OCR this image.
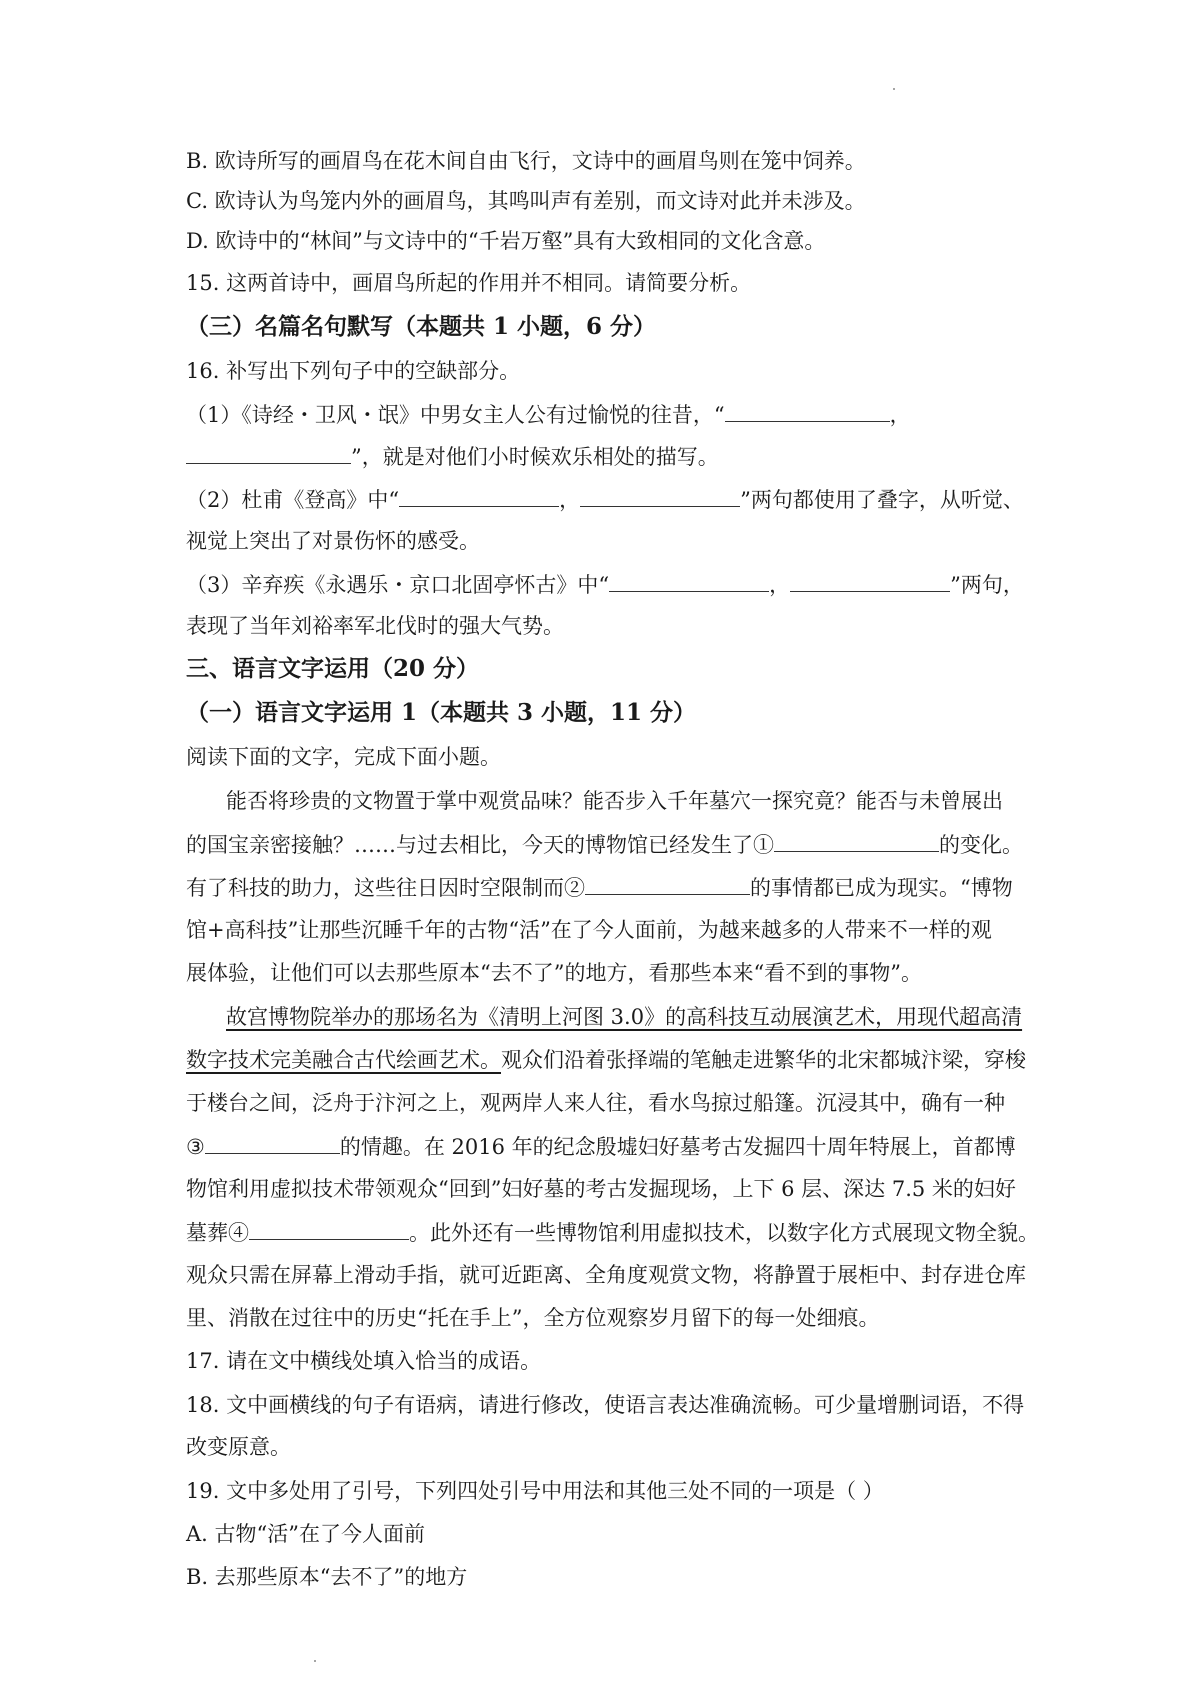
B. 欧诗所写的画眉鸟在花木间自由飞行，文诗中的画眉鸟则在笼中饲养。
C. 欧诗认为鸟笼内外的画眉鸟，其鸣叫声有差别，而文诗对此并未涉及。
D. 欧诗中的“林间”与文诗中的“千岩万壑”具有大致相同的文化含意。
15. 这两首诗中，画眉鸟所起的作用并不相同。请简要分析。
（三）名篇名句默写（本题共 1 小题，6 分）
16. 补写出下列句子中的空缺部分。
（1）《诗经・卫风・氓》中男女主人公有过愉悦的往昔，“	，
”，就是对他们小时候欢乐相处的描写。
（2）杜甫《登高》中“	，	”两句都使用了叠字，从听觉、
视觉上突出了对景伤怀的感受。
（3）辛弃疾《永遇乐・京口北固亭怀古》中“	，	”两句，
表现了当年刘裕率军北伐时的强大气势。
三、语言文字运用（20 分）
（一）语言文字运用 1（本题共 3 小题，11 分）
阅读下面的文字，完成下面小题。
能否将珍贵的文物置于掌中观赏品味？能否步入千年墓穴一探究竟？能否与未曾展出
的国宝亲密接触？……与过去相比，今天的博物馆已经发生了①	的变化。
有了科技的助力，这些往日因时空限制而②	的事情都已成为现实。“博物
馆+高科技”让那些沉睡千年的古物“活”在了今人面前，为越来越多的人带来不一样的观
展体验，让他们可以去那些原本“去不了”的地方，看那些本来“看不到的事物”。
故宫博物院举办的那场名为《清明上河图 3.0》的高科技互动展演艺术，用现代超高清
数字技术完美融合古代绘画艺术。观众们沿着张择端的笔触走进繁华的北宋都城汴梁，穿梭
于楼台之间，泛舟于汴河之上，观两岸人来人往，看水鸟掠过船篷。沉浸其中，确有一种
③	的情趣。在 2016 年的纪念殷墟妇好墓考古发掘四十周年特展上，首都博
物馆利用虚拟技术带领观众“回到”妇好墓的考古发掘现场，上下 6 层、深达 7.5 米的妇好
墓葬④	。此外还有一些博物馆利用虚拟技术，以数字化方式展现文物全貌。
观众只需在屏幕上滑动手指，就可近距离、全角度观赏文物，将静置于展柜中、封存进仓库
里、消散在过往中的历史“托在手上”，全方位观察岁月留下的每一处细痕。
17. 请在文中横线处填入恰当的成语。
18. 文中画横线的句子有语病，请进行修改，使语言表达准确流畅。可少量增删词语，不得
改变原意。
19. 文中多处用了引号，下列四处引号中用法和其他三处不同的一项是（ ）
A. 古物“活”在了今人面前
B. 去那些原本“去不了”的地方
